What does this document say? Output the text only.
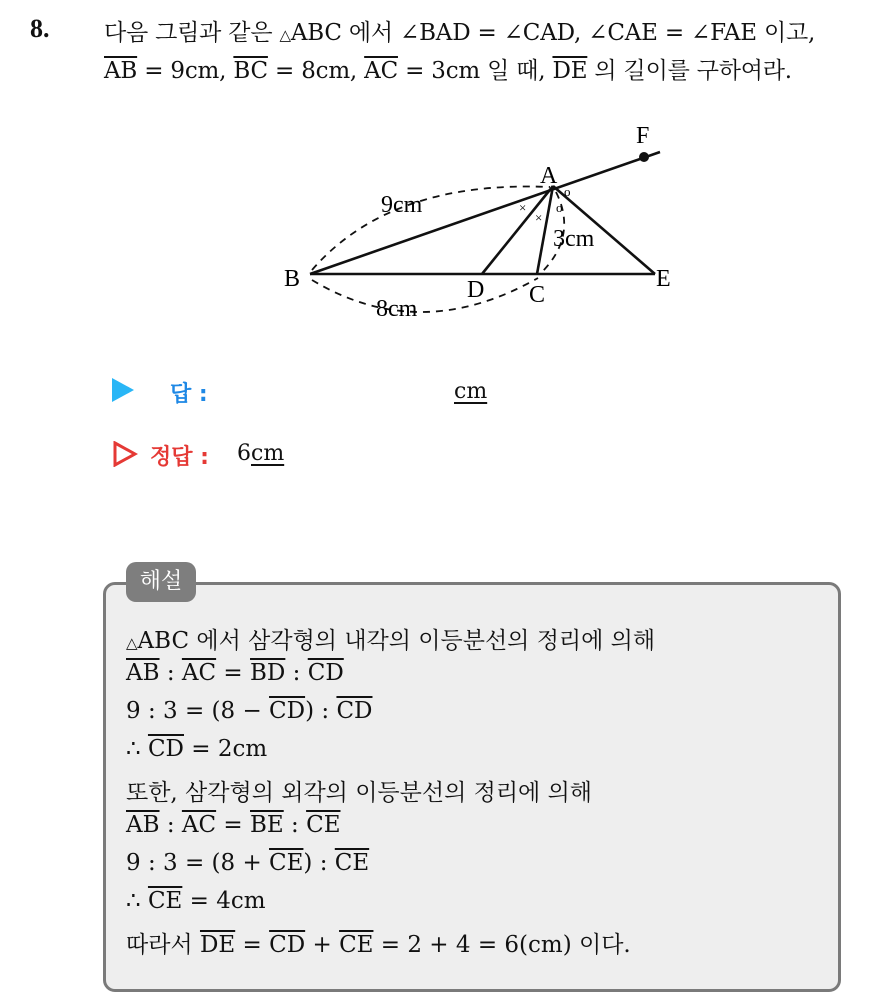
8. 다음 그림과 같은 △ABC 에서 ∠BAD = ∠CAD, ∠CAE = ∠FAE 이고,
$\overline{AB} = 9cm$, $\overline{BC} = 8cm$, $\overline{AC} = 3cm$ 일 때, $\overline{DE}$ 의 길이를 구하여라.
F
A
B	D C
E
9cm
3cm
8cm
×
×
o
o
답 :	cm
정답 : 6cm
해설
△ABC 에서 삼각형의 내각의 이등분선의 정리에 의해
$\overline{AB}$ : $\overline{AC} = \overline{BD}$ : $\overline{CD}$
9 : $3 = (8 - \overline{CD})$ : $\overline{CD}$
∴ $\overline{CD} = 2cm$
또한, 삼각형의 외각의 이등분선의 정리에 의해
$\overline{AB}$ : $\overline{AC} = \overline{BE}$ : $\overline{CE}$
9 : $3 = (8 + \overline{CE})$ : $\overline{CE}$
∴ $\overline{CE} = 4cm$
따라서 $\overline{DE} = \overline{CD} + \overline{CE} = 2 + 4 = 6(cm)$ 이다.
